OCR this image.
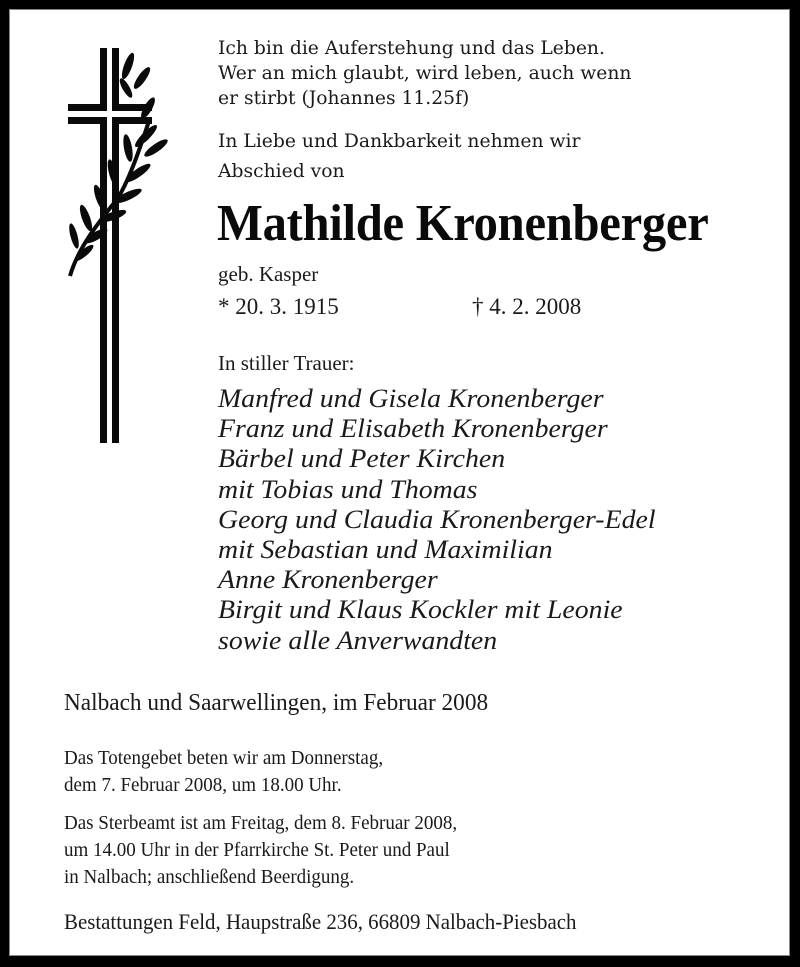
Ich bin die Auferstehung und das Leben.
Wer an mich glaubt, wird leben, auch wenn
er stirbt (Johannes 11.25f)
In Liebe und Dankbarkeit nehmen wir
Abschied von
Mathilde Kronenberger
geb. Kasper
* 20. 3. 1915	† 4. 2. 2008
In stiller Trauer:
Manfred und Gisela Kronenberger
Franz und Elisabeth Kronenberger
Bärbel und Peter Kirchen
mit Tobias und Thomas
Georg und Claudia Kronenberger-Edel
mit Sebastian und Maximilian
Anne Kronenberger
Birgit und Klaus Kockler mit Leonie
sowie alle Anverwandten
Nalbach und Saarwellingen, im Februar 2008
Das Totengebet beten wir am Donnerstag,
dem 7. Februar 2008, um 18.00 Uhr.
Das Sterbeamt ist am Freitag, dem 8. Februar 2008,
um 14.00 Uhr in der Pfarrkirche St. Peter und Paul
in Nalbach; anschließend Beerdigung.
Bestattungen Feld, Haupstraße 236, 66809 Nalbach-Piesbach
